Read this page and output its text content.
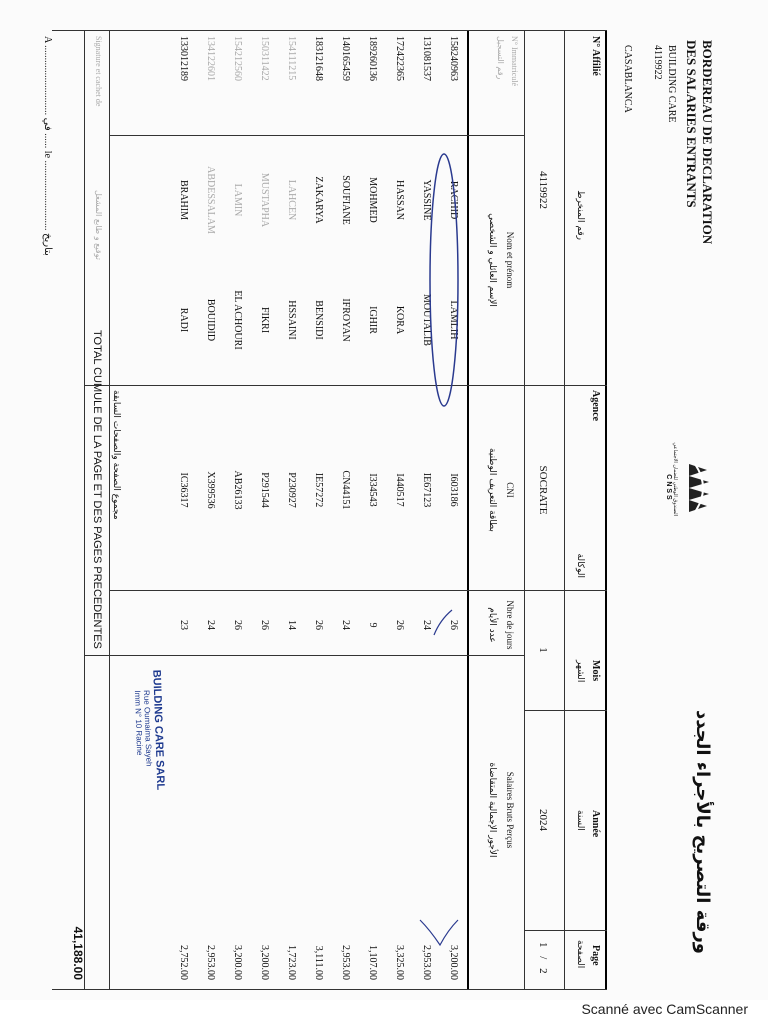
BORDEREAU DE DECLARATION
DES SALARIES ENTRANTS
BUILDING CARE
4119922
CASABLANCA
الصندوق الوطني للضمان الاجتماعي
CNSS
ورقة التصريح بالأجراء الجدد
N° Affilié
رقم المنخرط
Agence
الوكالة
Mois
الشهر
Année
السنة
Page
الصفحة
4119922
SOCRATE
1
2024
1 / 2
N° Immatriculé
رقم التسجيل
Nom et prénom
الإسم العائلي و الشخصي
CNI
بطاقة التعريف الوطنية
Nbre de jours
عدد الأيام
Salaires Bruts Perçus
الأجور الإجمالية المتقاضاة
158240963
RACHID
LAMLIH
I603186
26
3,200.00
131081537
YASSINE
MOUTALIB
IE67123
24
2,953.00
172422365
HASSAN
KORA
I440517
26
3,325.00
189260136
MOHMED
IGHIR
I334543
9
1,107.00
140165459
SOUFIANE
IFROYAN
CN44151
24
2,953.00
183121648
ZAKARYA
BENSIDI
IE57272
26
3,111.00
154111215
LAHCEN
HSSAINI
P230927
14
1,723.00
150311422
MUSTAPHA
FIKRI
P291544
26
3,200.00
154212560
LAMIN
EL ACHOURI
AB26133
26
3,200.00
134122601
ABDESSALAM
BOUIDID
X399536
24
2,953.00
133012189
BRAHIM
RADI
IC36317
23
2,752.00
TOTAL CUMULE DE LA PAGE ET DES PAGES PRECEDENTES مجموع الصفحة والصفحات السابقة
41,188.00
Signature et cachet de
توقيع و طابع المشغل
A ............................ في ...... le ............................ بتاريخ
BUILDING CARE SARL
Rue Oumaima Sayeh
Imm N° 10 Racine
Scanné avec CamScanner
